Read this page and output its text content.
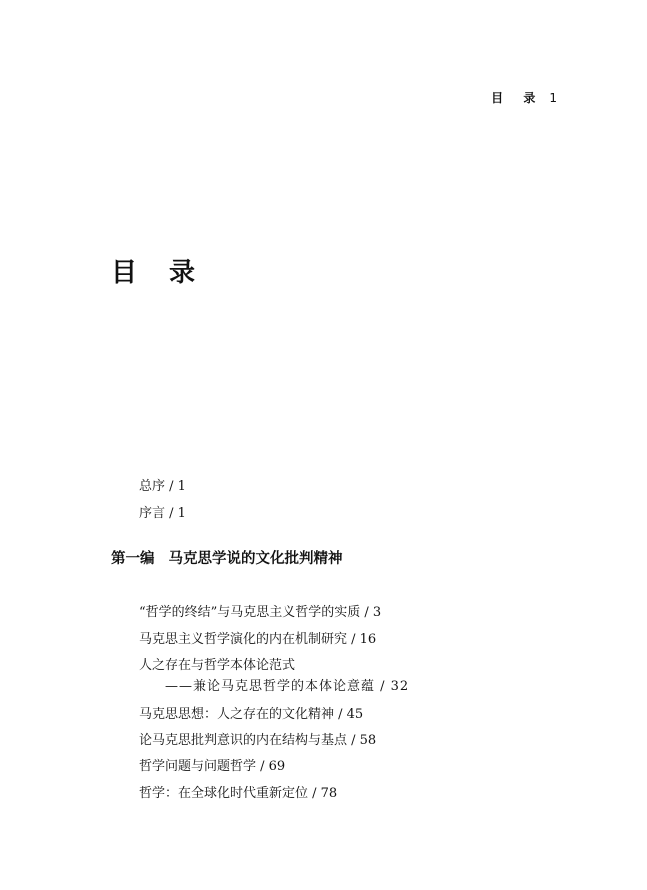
目 录 1
目 录
总序 / 1
序言 / 1
第一编 马克思学说的文化批判精神
“哲学的终结”与马克思主义哲学的实质 / 3
马克思主义哲学演化的内在机制研究 / 16
人之存在与哲学本体论范式
——兼论马克思哲学的本体论意蕴 / 32
马克思思想：人之存在的文化精神 / 45
论马克思批判意识的内在结构与基点 / 58
哲学问题与问题哲学 / 69
哲学：在全球化时代重新定位 / 78
